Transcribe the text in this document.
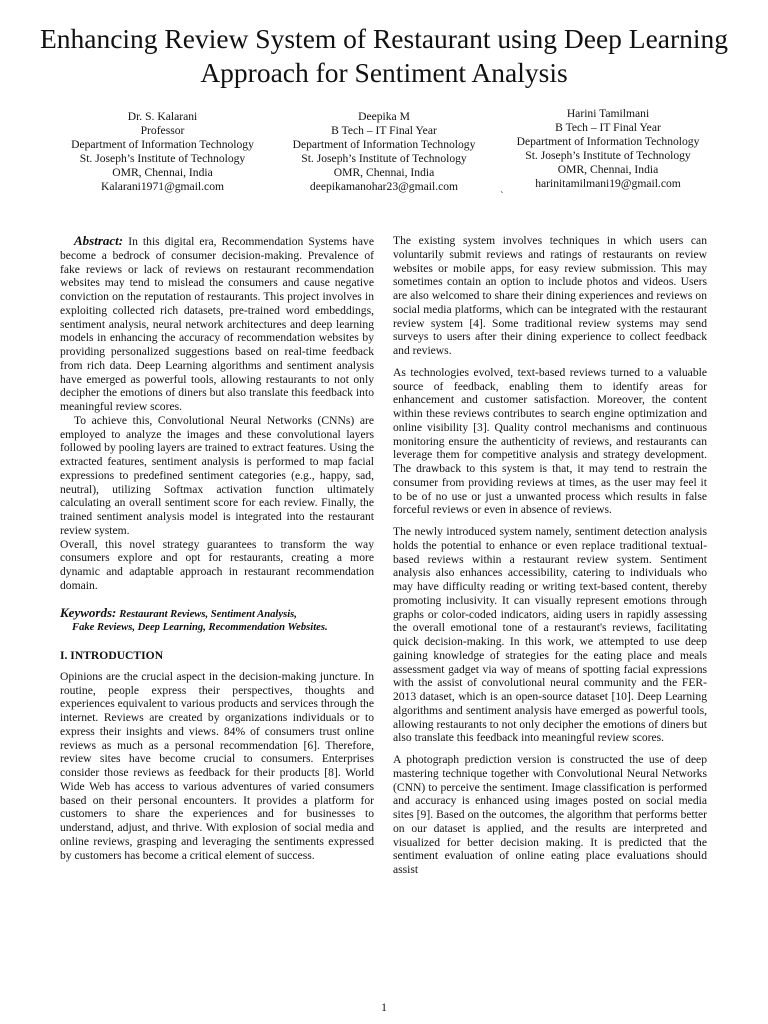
Enhancing Review System of Restaurant using Deep Learning Approach for Sentiment Analysis
Dr. S. Kalarani
Professor
Department of Information Technology
St. Joseph’s Institute of Technology
OMR, Chennai, India
Kalarani1971@gmail.com
Deepika M
B Tech – IT Final Year
Department of Information Technology
St. Joseph’s Institute of Technology
OMR, Chennai, India
deepikamanohar23@gmail.com
Harini Tamilmani
B Tech – IT Final Year
Department of Information Technology
St. Joseph’s Institute of Technology
OMR, Chennai, India
harinitamilmani19@gmail.com
`

Abstract: In this digital era, Recommendation Systems have become a bedrock of consumer decision-making. Prevalence of fake reviews or lack of reviews on restaurant recommendation websites may tend to mislead the consumers and cause negative conviction on the reputation of restaurants. This project involves in exploiting collected rich datasets, pre-trained word embeddings, sentiment analysis, neural network architectures and deep learning models in enhancing the accuracy of recommendation websites by providing personalized suggestions based on real-time feedback from rich data. Deep Learning algorithms and sentiment analysis have emerged as powerful tools, allowing restaurants to not only decipher the emotions of diners but also translate this feedback into meaningful review scores.

To achieve this, Convolutional Neural Networks (CNNs) are employed to analyze the images and these convolutional layers followed by pooling layers are trained to extract features. Using the extracted features, sentiment analysis is performed to map facial expressions to predefined sentiment categories (e.g., happy, sad, neutral), utilizing Softmax activation function ultimately calculating an overall sentiment score for each review. Finally, the trained sentiment analysis model is integrated into the restaurant review system.

Overall, this novel strategy guarantees to transform the way consumers explore and opt for restaurants, creating a more dynamic and adaptable approach in restaurant recommendation domain.

Keywords: Restaurant Reviews, Sentiment Analysis,

Fake Reviews, Deep Learning, Recommendation Websites.

I. INTRODUCTION

Opinions are the crucial aspect in the decision-making juncture. In routine, people express their perspectives, thoughts and experiences equivalent to various products and services through the internet. Reviews are created by organizations individuals or to express their insights and views. 84% of consumers trust online reviews as much as a personal recommendation [6]. Therefore, review sites have become crucial to consumers. Enterprises consider those reviews as feedback for their products [8]. World Wide Web has access to various adventures of varied consumers based on their personal encounters. It provides a platform for customers to share the experiences and for businesses to understand, adjust, and thrive. With explosion of social media and online reviews, grasping and leveraging the sentiments expressed by customers has become a critical element of success.

The existing system involves techniques in which users can voluntarily submit reviews and ratings of restaurants on review websites or mobile apps, for easy review submission. This may sometimes contain an option to include photos and videos. Users are also welcomed to share their dining experiences and reviews on social media platforms, which can be integrated with the restaurant review system [4]. Some traditional review systems may send surveys to users after their dining experience to collect feedback and reviews.

As technologies evolved, text-based reviews turned to a valuable source of feedback, enabling them to identify areas for enhancement and customer satisfaction. Moreover, the content within these reviews contributes to search engine optimization and online visibility [3]. Quality control mechanisms and continuous monitoring ensure the authenticity of reviews, and restaurants can leverage them for competitive analysis and strategy development. The drawback to this system is that, it may tend to restrain the consumer from providing reviews at times, as the user may feel it to be of no use or just a unwanted process which results in false forceful reviews or even in absence of reviews.

The newly introduced system namely, sentiment detection analysis holds the potential to enhance or even replace traditional textual-based reviews within a restaurant review system. Sentiment analysis also enhances accessibility, catering to individuals who may have difficulty reading or writing text-based content, thereby promoting inclusivity. It can visually represent emotions through graphs or color-coded indicators, aiding users in rapidly assessing the overall emotional tone of a restaurant's reviews, facilitating quick decision-making. In this work, we attempted to use deep gaining knowledge of strategies for the eating place and meals assessment gadget via way of means of spotting facial expressions with the assist of convolutional neural community and the FER-2013 dataset, which is an open-source dataset [10]. Deep Learning algorithms and sentiment analysis have emerged as powerful tools, allowing restaurants to not only decipher the emotions of diners but also translate this feedback into meaningful review scores.

A photograph prediction version is constructed the use of deep mastering technique together with Convolutional Neural Networks (CNN) to perceive the sentiment. Image classification is performed and accuracy is enhanced using images posted on social media sites [9]. Based on the outcomes, the algorithm that performs better on our dataset is applied, and the results are interpreted and visualized for better decision making. It is predicted that the sentiment evaluation of online eating place evaluations should assist

1
